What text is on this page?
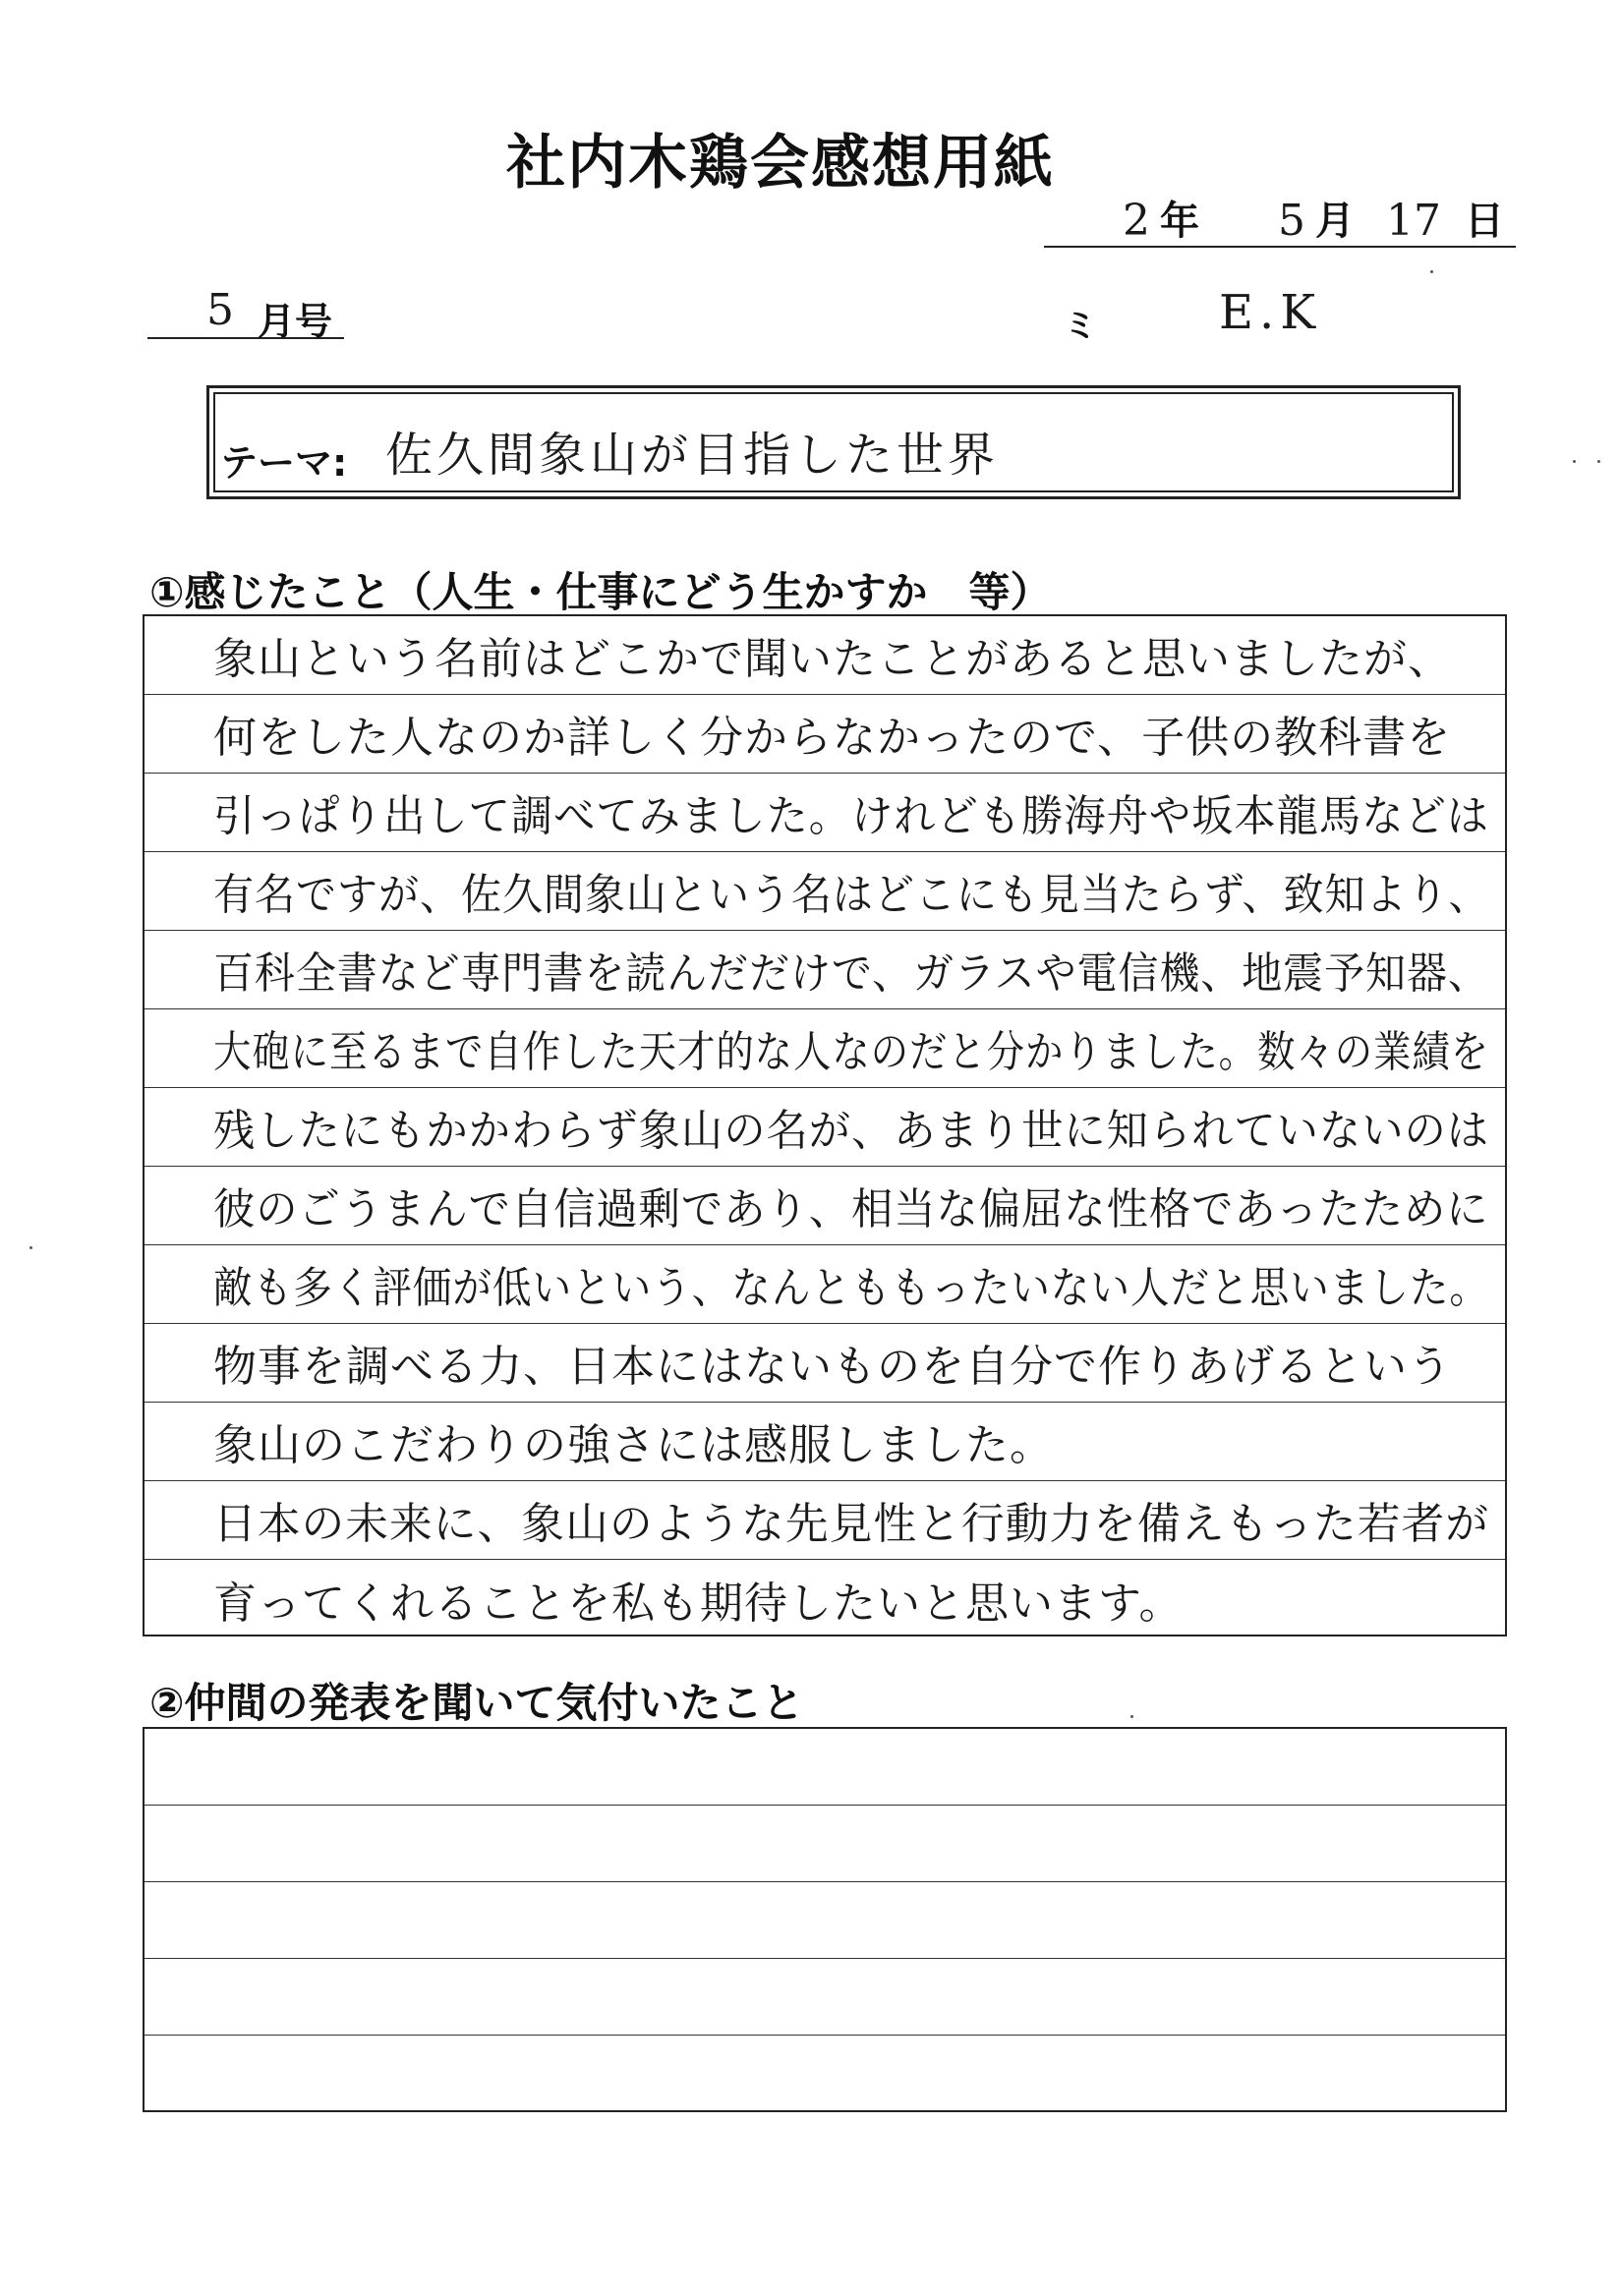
社内木鶏会感想用紙
2 年 5 月 17 日
5 月号	ミ	E.K
テーマ: 佐久間象山が目指した世界
①感じたこと（人生・仕事にどう生かすか　等）
象山という名前はどこかで聞いたことがあると思いましたが、
何をした人なのか詳しく分からなかったので、子供の教科書を
引っぱり出して調べてみました。けれども勝海舟や坂本龍馬などは
有名ですが、佐久間象山という名はどこにも見当たらず、致知より、
百科全書など専門書を読んだだけで、ガラスや電信機、地震予知器、
大砲に至るまで自作した天才的な人なのだと分かりました。数々の業績を
残したにもかかわらず象山の名が、あまり世に知られていないのは
彼のごうまんで自信過剰であり、相当な偏屈な性格であったために
敵も多く評価が低いという、なんとももったいない人だと思いました。
物事を調べる力、日本にはないものを自分で作りあげるという
象山のこだわりの強さには感服しました。
日本の未来に、象山のような先見性と行動力を備えもった若者が
育ってくれることを私も期待したいと思います。
②仲間の発表を聞いて気付いたこと
